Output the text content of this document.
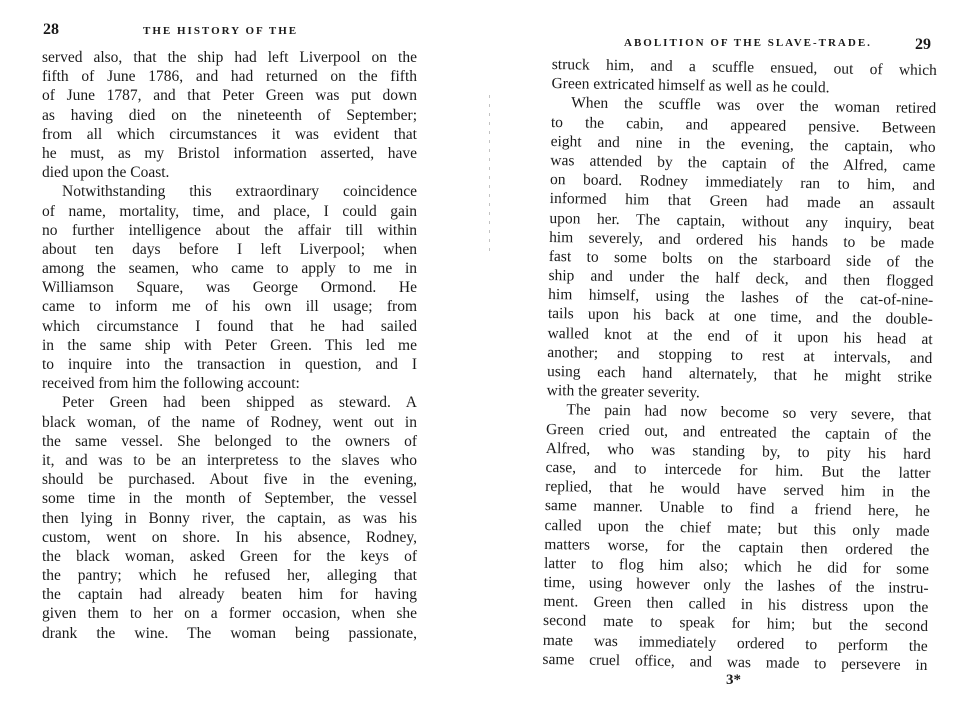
28	THE HISTORY OF THE
served also, that the ship had left Liverpool on the
fifth of June 1786, and had returned on the fifth
of June 1787, and that Peter Green was put down
as having died on the nineteenth of September;
from all which circumstances it was evident that
he must, as my Bristol information asserted, have
died upon the Coast.
Notwithstanding this extraordinary coincidence
of name, mortality, time, and place, I could gain
no further intelligence about the affair till within
about ten days before I left Liverpool; when
among the seamen, who came to apply to me in
Williamson Square, was George Ormond. He
came to inform me of his own ill usage; from
which circumstance I found that he had sailed
in the same ship with Peter Green. This led me
to inquire into the transaction in question, and I
received from him the following account:
Peter Green had been shipped as steward. A
black woman, of the name of Rodney, went out in
the same vessel. She belonged to the owners of
it, and was to be an interpretess to the slaves who
should be purchased. About five in the evening,
some time in the month of September, the vessel
then lying in Bonny river, the captain, as was his
custom, went on shore. In his absence, Rodney,
the black woman, asked Green for the keys of
the pantry; which he refused her, alleging that
the captain had already beaten him for having
given them to her on a former occasion, when she
drank the wine. The woman being passionate,
ABOLITION OF THE SLAVE-TRADE.	29
struck him, and a scuffle ensued, out of which
Green extricated himself as well as he could.
When the scuffle was over the woman retired
to the cabin, and appeared pensive. Between
eight and nine in the evening, the captain, who
was attended by the captain of the Alfred, came
on board. Rodney immediately ran to him, and
informed him that Green had made an assault
upon her. The captain, without any inquiry, beat
him severely, and ordered his hands to be made
fast to some bolts on the starboard side of the
ship and under the half deck, and then flogged
him himself, using the lashes of the cat-of-nine-
tails upon his back at one time, and the double-
walled knot at the end of it upon his head at
another; and stopping to rest at intervals, and
using each hand alternately, that he might strike
with the greater severity.
The pain had now become so very severe, that
Green cried out, and entreated the captain of the
Alfred, who was standing by, to pity his hard
case, and to intercede for him. But the latter
replied, that he would have served him in the
same manner. Unable to find a friend here, he
called upon the chief mate; but this only made
matters worse, for the captain then ordered the
latter to flog him also; which he did for some
time, using however only the lashes of the instru-
ment. Green then called in his distress upon the
second mate to speak for him; but the second
mate was immediately ordered to perform the
same cruel office, and was made to persevere in
3*
